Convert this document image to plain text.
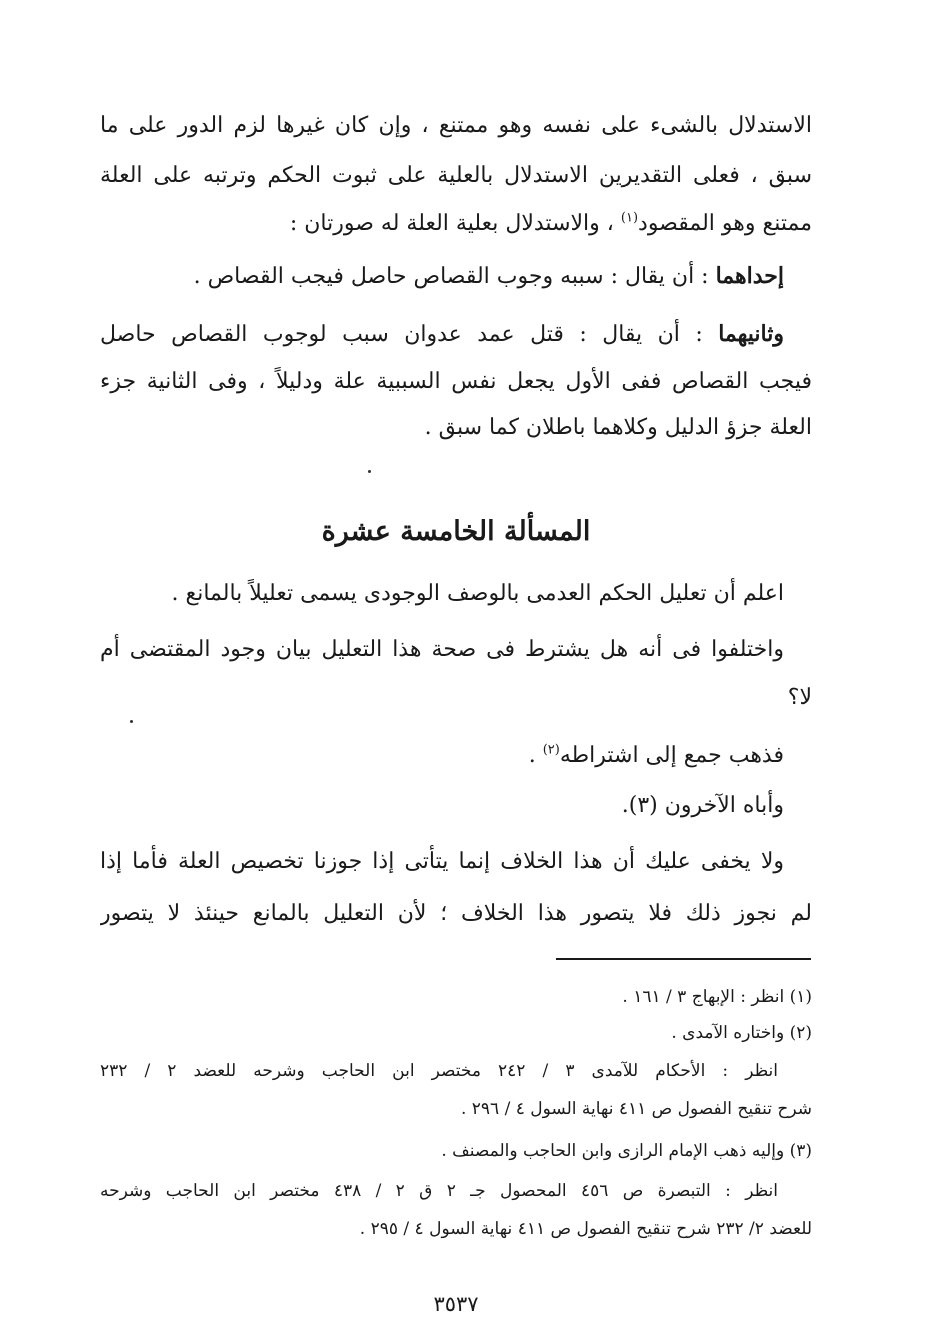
الاستدلال بالشىء على نفسه وهو ممتنع ، وإن كان غيرها لزم الدور على ما
سبق ، فعلى التقديرين الاستدلال بالعلية على ثبوت الحكم وترتبه على العلة
ممتنع وهو المقصود$^{(١)}$ ، والاستدلال بعلية العلة له صورتان :
إحداهما : أن يقال : سببه وجوب القصاص حاصل فيجب القصاص .
وثانيهما : أن يقال : قتل عمد عدوان سبب لوجوب القصاص حاصل
فيجب القصاص ففى الأول يجعل نفس السببية علة ودليلاً ، وفى الثانية جزء
العلة جزؤ الدليل وكلاهما باطلان كما سبق .
المسألة الخامسة عشرة
اعلم أن تعليل الحكم العدمى بالوصف الوجودى يسمى تعليلاً بالمانع .
واختلفوا فى أنه هل يشترط فى صحة هذا التعليل بيان وجود المقتضى أم
لا؟
فذهب جمع إلى اشتراطه$^{(٢)}$ .
وأباه الآخرون (٣).
ولا يخفى عليك أن هذا الخلاف إنما يتأتى إذا جوزنا تخصيص العلة فأما إذا
لم نجوز ذلك فلا يتصور هذا الخلاف ؛ لأن التعليل بالمانع حينئذ لا يتصور
(١) انظر : الإبهاج ٣ / ١٦١ .
(٢) واختاره الآمدى .
انظر : الأحكام للآمدى ٣ / ٢٤٢ مختصر ابن الحاجب وشرحه للعضد ٢ / ٢٣٢
شرح تنقيح الفصول ص ٤١١ نهاية السول ٤ / ٢٩٦ .
(٣) وإليه ذهب الإمام الرازى وابن الحاجب والمصنف .
انظر : التبصرة ص ٤٥٦ المحصول جـ ٢ ق ٢ / ٤٣٨ مختصر ابن الحاجب وشرحه
للعضد ٢/ ٢٣٢ شرح تنقيح الفصول ص ٤١١ نهاية السول ٤ / ٢٩٥ .
٣٥٣٧
